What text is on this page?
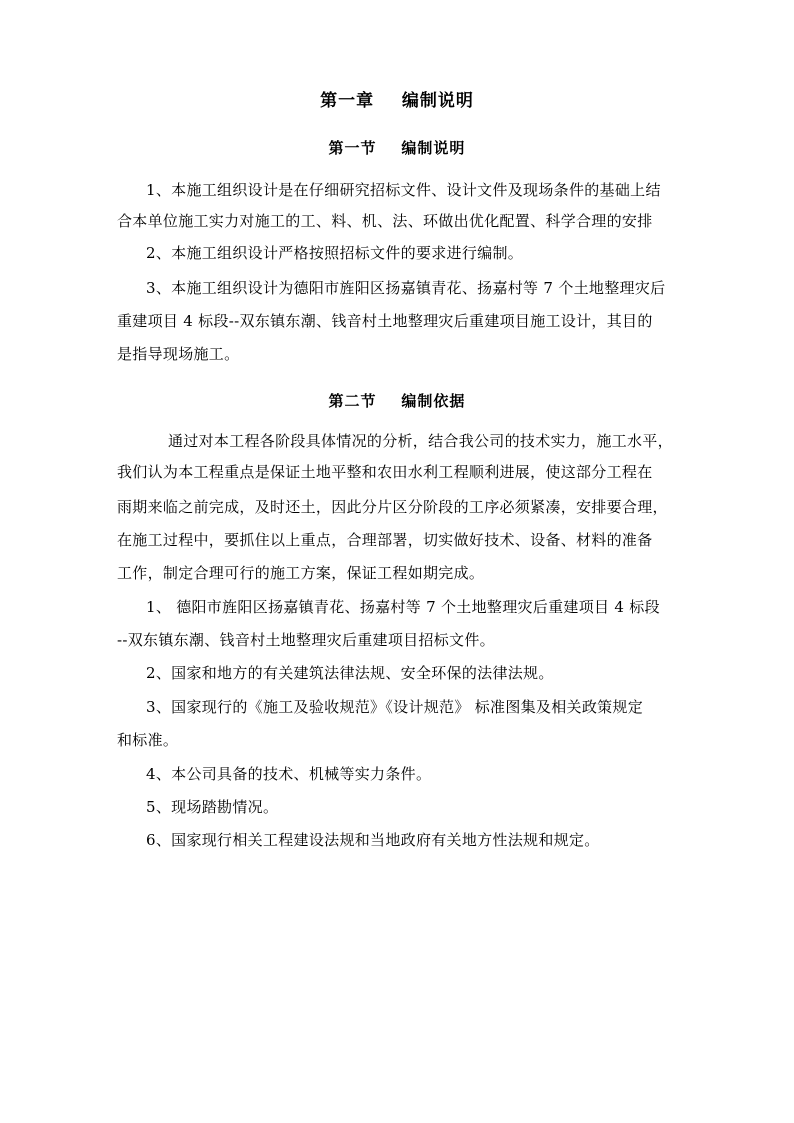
第一章    编制说明
第一节    编制说明
1、本施工组织设计是在仔细研究招标文件、设计文件及现场条件的基础上结
合本单位施工实力对施工的工、料、机、法、环做出优化配置、科学合理的安排
2、本施工组织设计严格按照招标文件的要求进行编制。
3、本施工组织设计为德阳市旌阳区扬嘉镇青花、扬嘉村等 7 个土地整理灾后
重建项目 4 标段--双东镇东潮、钱音村土地整理灾后重建项目施工设计，其目的
是指导现场施工。
第二节    编制依据
通过对本工程各阶段具体情况的分析，结合我公司的技术实力，施工水平，
我们认为本工程重点是保证土地平整和农田水利工程顺利进展，使这部分工程在
雨期来临之前完成，及时还土，因此分片区分阶段的工序必须紧凑，安排要合理，
在施工过程中，要抓住以上重点，合理部署，切实做好技术、设备、材料的准备
工作，制定合理可行的施工方案，保证工程如期完成。
1、 德阳市旌阳区扬嘉镇青花、扬嘉村等 7 个土地整理灾后重建项目 4 标段
--双东镇东潮、钱音村土地整理灾后重建项目招标文件。
2、国家和地方的有关建筑法律法规、安全环保的法律法规。
3、国家现行的《施工及验收规范》《设计规范》 标准图集及相关政策规定
和标准。
4、本公司具备的技术、机械等实力条件。
5、现场踏勘情况。
6、国家现行相关工程建设法规和当地政府有关地方性法规和规定。
